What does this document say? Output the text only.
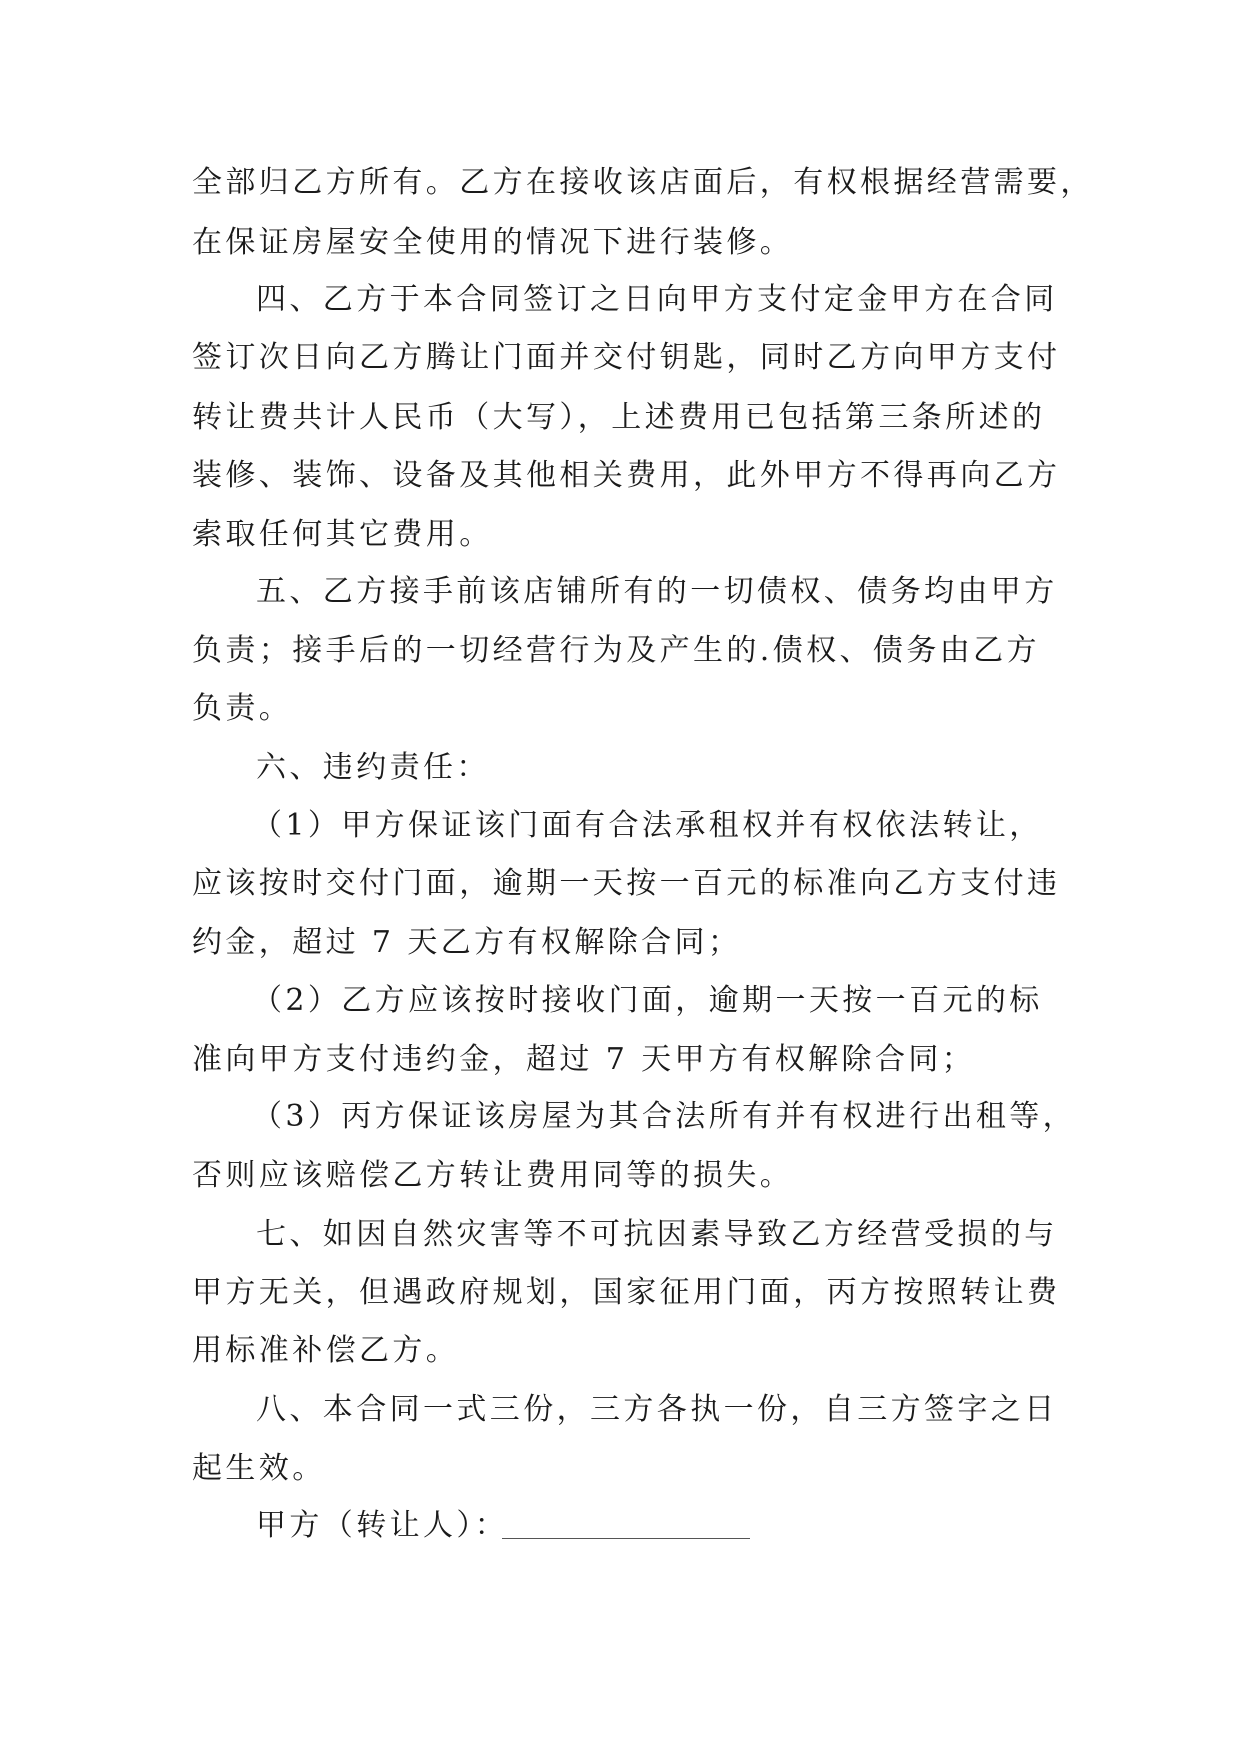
全部归乙方所有。乙方在接收该店面后，有权根据经营需要，
在保证房屋安全使用的情况下进行装修。
四、乙方于本合同签订之日向甲方支付定金甲方在合同
签订次日向乙方腾让门面并交付钥匙，同时乙方向甲方支付
转让费共计人民币（大写），上述费用已包括第三条所述的
装修、装饰、设备及其他相关费用，此外甲方不得再向乙方
索取任何其它费用。
五、乙方接手前该店铺所有的一切债权、债务均由甲方
负责；接手后的一切经营行为及产生的.债权、债务由乙方
负责。
六、违约责任：
（1）甲方保证该门面有合法承租权并有权依法转让，
应该按时交付门面，逾期一天按一百元的标准向乙方支付违
约金，超过 7 天乙方有权解除合同；
（2）乙方应该按时接收门面，逾期一天按一百元的标
准向甲方支付违约金，超过 7 天甲方有权解除合同；
（3）丙方保证该房屋为其合法所有并有权进行出租等，
否则应该赔偿乙方转让费用同等的损失。
七、如因自然灾害等不可抗因素导致乙方经营受损的与
甲方无关，但遇政府规划，国家征用门面，丙方按照转让费
用标准补偿乙方。
八、本合同一式三份，三方各执一份，自三方签字之日
起生效。
甲方（转让人）：
